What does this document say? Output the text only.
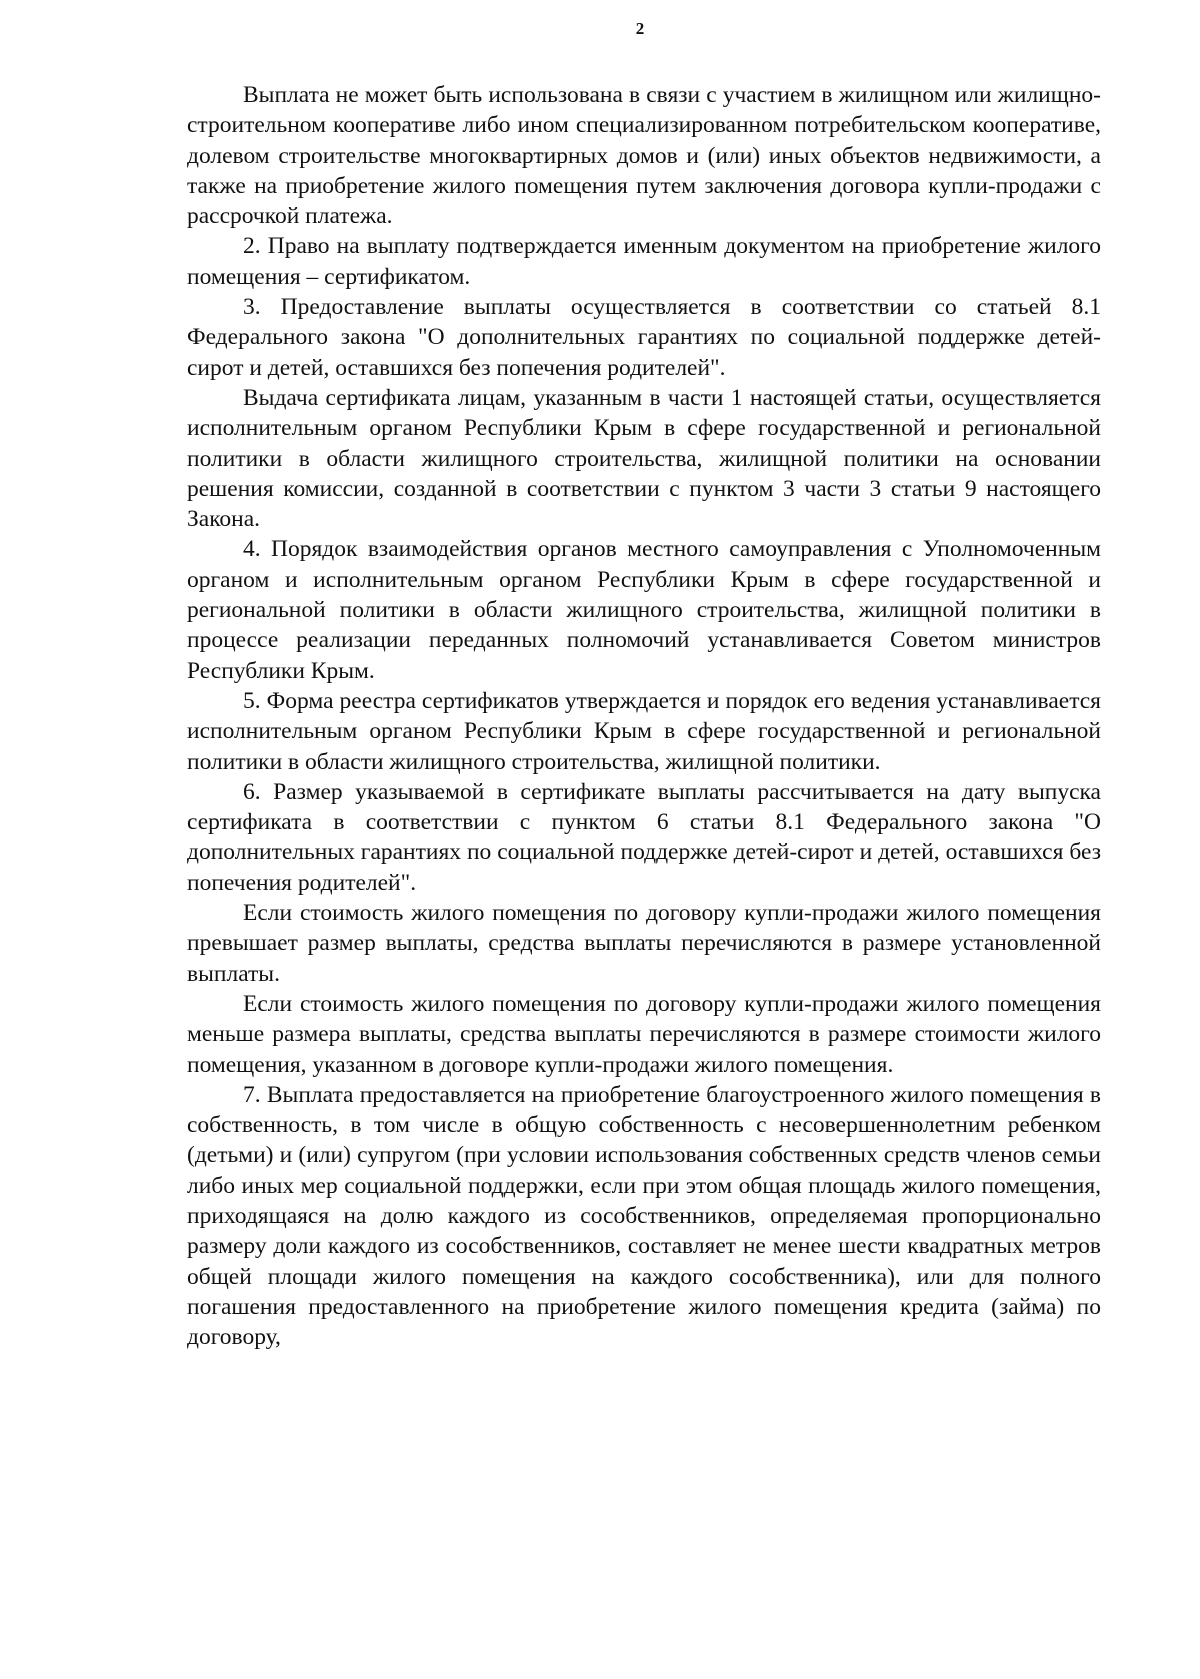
2

Выплата не может быть использована в связи с участием в жилищном или жилищно-строительном кооперативе либо ином специализированном потребительском кооперативе, долевом строительстве многоквартирных домов и (или) иных объектов недвижимости, а также на приобретение жилого помещения путем заключения договора купли-продажи с рассрочкой платежа.

2. Право на выплату подтверждается именным документом на приобретение жилого помещения – сертификатом.

3. Предоставление выплаты осуществляется в соответствии со статьей 8.1 Федерального закона "О дополнительных гарантиях по социальной поддержке детей-сирот и детей, оставшихся без попечения родителей".

Выдача сертификата лицам, указанным в части 1 настоящей статьи, осуществляется исполнительным органом Республики Крым в сфере государственной и региональной политики в области жилищного строительства, жилищной политики на основании решения комиссии, созданной в соответствии с пунктом 3 части 3 статьи 9 настоящего Закона.

4. Порядок взаимодействия органов местного самоуправления с Уполномоченным органом и исполнительным органом Республики Крым в сфере государственной и региональной политики в области жилищного строительства, жилищной политики в процессе реализации переданных полномочий устанавливается Советом министров Республики Крым.

5. Форма реестра сертификатов утверждается и порядок его ведения устанавливается исполнительным органом Республики Крым в сфере государственной и региональной политики в области жилищного строительства, жилищной политики.

6. Размер указываемой в сертификате выплаты рассчитывается на дату выпуска сертификата в соответствии с пунктом 6 статьи 8.1 Федерального закона "О дополнительных гарантиях по социальной поддержке детей-сирот и детей, оставшихся без попечения родителей".

Если стоимость жилого помещения по договору купли-продажи жилого помещения превышает размер выплаты, средства выплаты перечисляются в размере установленной выплаты.

Если стоимость жилого помещения по договору купли-продажи жилого помещения меньше размера выплаты, средства выплаты перечисляются в размере стоимости жилого помещения, указанном в договоре купли-продажи жилого помещения.

7. Выплата предоставляется на приобретение благоустроенного жилого помещения в собственность, в том числе в общую собственность с несовершеннолетним ребенком (детьми) и (или) супругом (при условии использования собственных средств членов семьи либо иных мер социальной поддержки, если при этом общая площадь жилого помещения, приходящаяся на долю каждого из сособственников, определяемая пропорционально размеру доли каждого из сособственников, составляет не менее шести квадратных метров общей площади жилого помещения на каждого сособственника), или для полного погашения предоставленного на приобретение жилого помещения кредита (займа) по договору,
